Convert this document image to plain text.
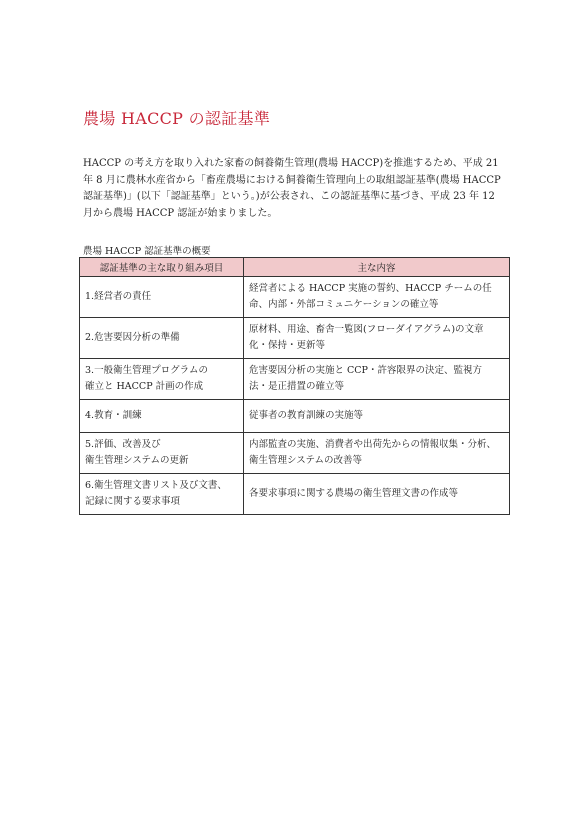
農場 HACCP の認証基準
HACCP の考え方を取り入れた家畜の飼養衛生管理(農場 HACCP)を推進するため、平成 21
年 8 月に農林水産省から「畜産農場における飼養衛生管理向上の取組認証基準(農場 HACCP
認証基準)」(以下「認証基準」という。)が公表され、この認証基準に基づき、平成 23 年 12
月から農場 HACCP 認証が始まりました。
農場 HACCP 認証基準の概要
認証基準の主な取り組み項目	主な内容

1.経営者の責任	経営者による HACCP 実施の誓約、HACCP チームの任
命、内部・外部コミュニケーションの確立等

2.危害要因分析の準備	原材料、用途、畜舎一覧図(フローダイアグラム)の文章
化・保持・更新等

3.一般衛生管理プログラムの
確立と HACCP 計画の作成	危害要因分析の実施と CCP・許容限界の決定、監視方
法・是正措置の確立等

4.教育・訓練	従事者の教育訓練の実施等

5.評価、改善及び
衛生管理システムの更新	内部監査の実施、消費者や出荷先からの情報収集・分析、
衛生管理システムの改善等

6.衛生管理文書リスト及び文書、
記録に関する要求事項	各要求事項に関する農場の衛生管理文書の作成等
